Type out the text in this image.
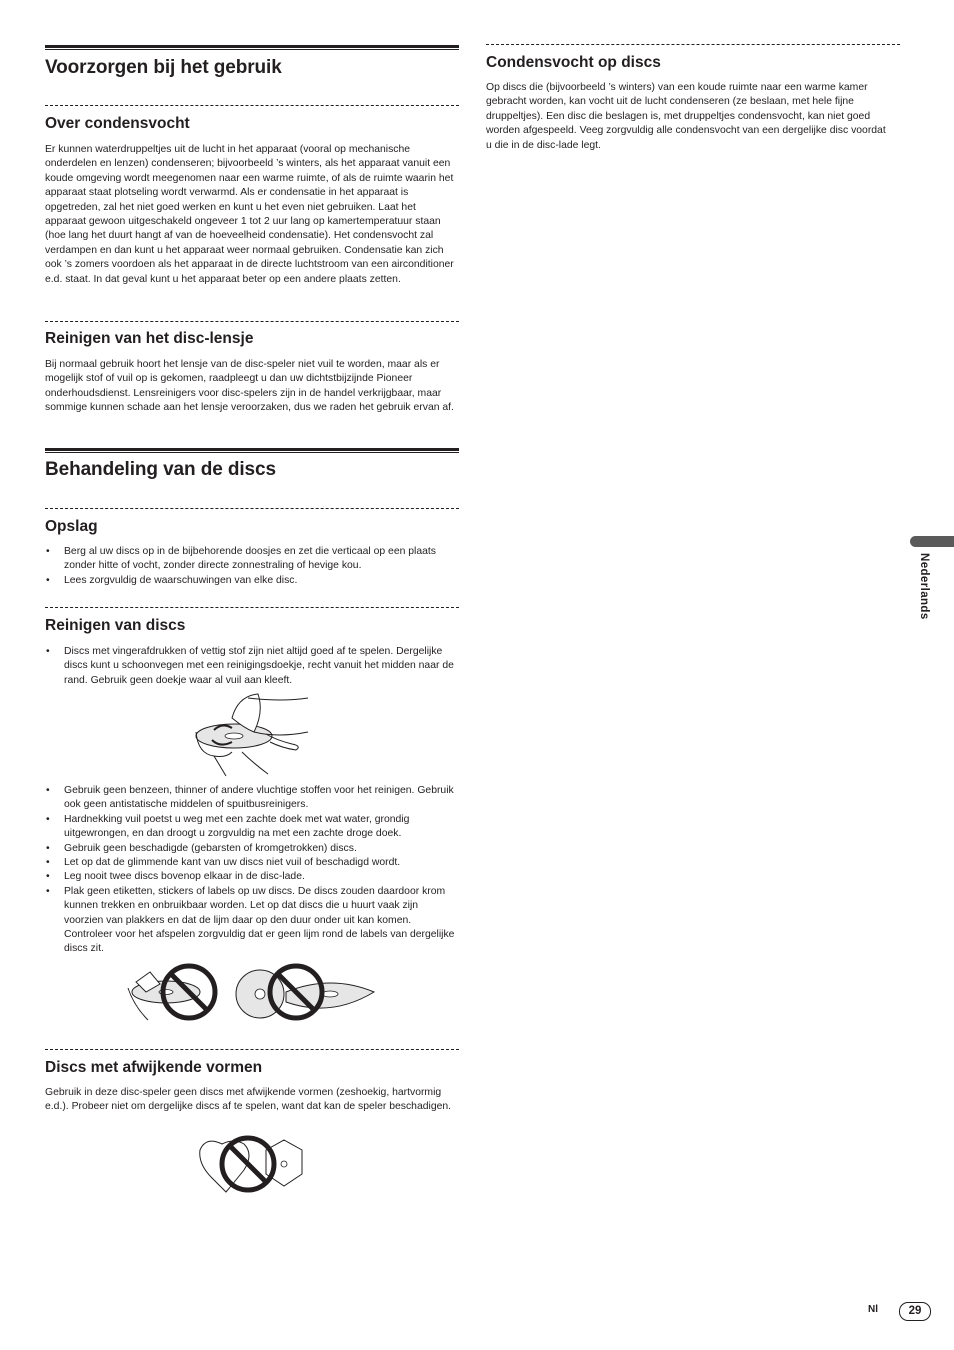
Voorzorgen bij het gebruik
Over condensvocht

Er kunnen waterdruppeltjes uit de lucht in het apparaat (vooral op mechanische onderdelen en lenzen) condenseren; bijvoorbeeld ’s winters, als het apparaat vanuit een koude omgeving wordt meegenomen naar een warme ruimte, of als de ruimte waarin het apparaat staat plotseling wordt verwarmd. Als er condensatie in het apparaat is opgetreden, zal het niet goed werken en kunt u het even niet gebruiken. Laat het apparaat gewoon uitgeschakeld ongeveer 1 tot 2 uur lang op kamertemperatuur staan (hoe lang het duurt hangt af van de hoeveelheid condensatie). Het condensvocht zal verdampen en dan kunt u het apparaat weer normaal gebruiken. Condensatie kan zich ook ’s zomers voordoen als het apparaat in de directe luchtstroom van een airconditioner e.d. staat. In dat geval kunt u het apparaat beter op een andere plaats zetten.

Reinigen van het disc-lensje

Bij normaal gebruik hoort het lensje van de disc-speler niet vuil te worden, maar als er mogelijk stof of vuil op is gekomen, raadpleegt u dan uw dichtstbijzijnde Pioneer onderhoudsdienst. Lensreinigers voor disc-spelers zijn in de handel verkrijgbaar, maar sommige kunnen schade aan het lensje veroorzaken, dus we raden het gebruik ervan af.

Behandeling van de discs
Opslag
• Berg al uw discs op in de bijbehorende doosjes en zet die verticaal op een plaats zonder hitte of vocht, zonder directe zonnestraling of hevige kou.
• Lees zorgvuldig de waarschuwingen van elke disc.
Reinigen van discs
• Discs met vingerafdrukken of vettig stof zijn niet altijd goed af te spelen. Dergelijke discs kunt u schoonvegen met een reinigingsdoekje, recht vanuit het midden naar de rand. Gebruik geen doekje waar al vuil aan kleeft.
• Gebruik geen benzeen, thinner of andere vluchtige stoffen voor het reinigen. Gebruik ook geen antistatische middelen of spuitbusreinigers.
• Hardnekking vuil poetst u weg met een zachte doek met wat water, grondig uitgewrongen, en dan droogt u zorgvuldig na met een zachte droge doek.
• Gebruik geen beschadigde (gebarsten of kromgetrokken) discs.
• Let op dat de glimmende kant van uw discs niet vuil of beschadigd wordt.
• Leg nooit twee discs bovenop elkaar in de disc-lade.
• Plak geen etiketten, stickers of labels op uw discs. De discs zouden daardoor krom kunnen trekken en onbruikbaar worden. Let op dat discs die u huurt vaak zijn voorzien van plakkers en dat de lijm daar op den duur onder uit kan komen. Controleer voor het afspelen zorgvuldig dat er geen lijm rond de labels van dergelijke discs zit.
Discs met afwijkende vormen

Gebruik in deze disc-speler geen discs met afwijkende vormen (zeshoekig, hartvormig e.d.). Probeer niet om dergelijke discs af te spelen, want dat kan de speler beschadigen.

Condensvocht op discs

Op discs die (bijvoorbeeld ’s winters) van een koude ruimte naar een warme kamer gebracht worden, kan vocht uit de lucht condenseren (ze beslaan, met hele fijne druppeltjes). Een disc die beslagen is, met druppeltjes condensvocht, kan niet goed worden afgespeeld. Veeg zorgvuldig alle condensvocht van een dergelijke disc voordat u die in de disc-lade legt.

Nederlands
Nl	29
